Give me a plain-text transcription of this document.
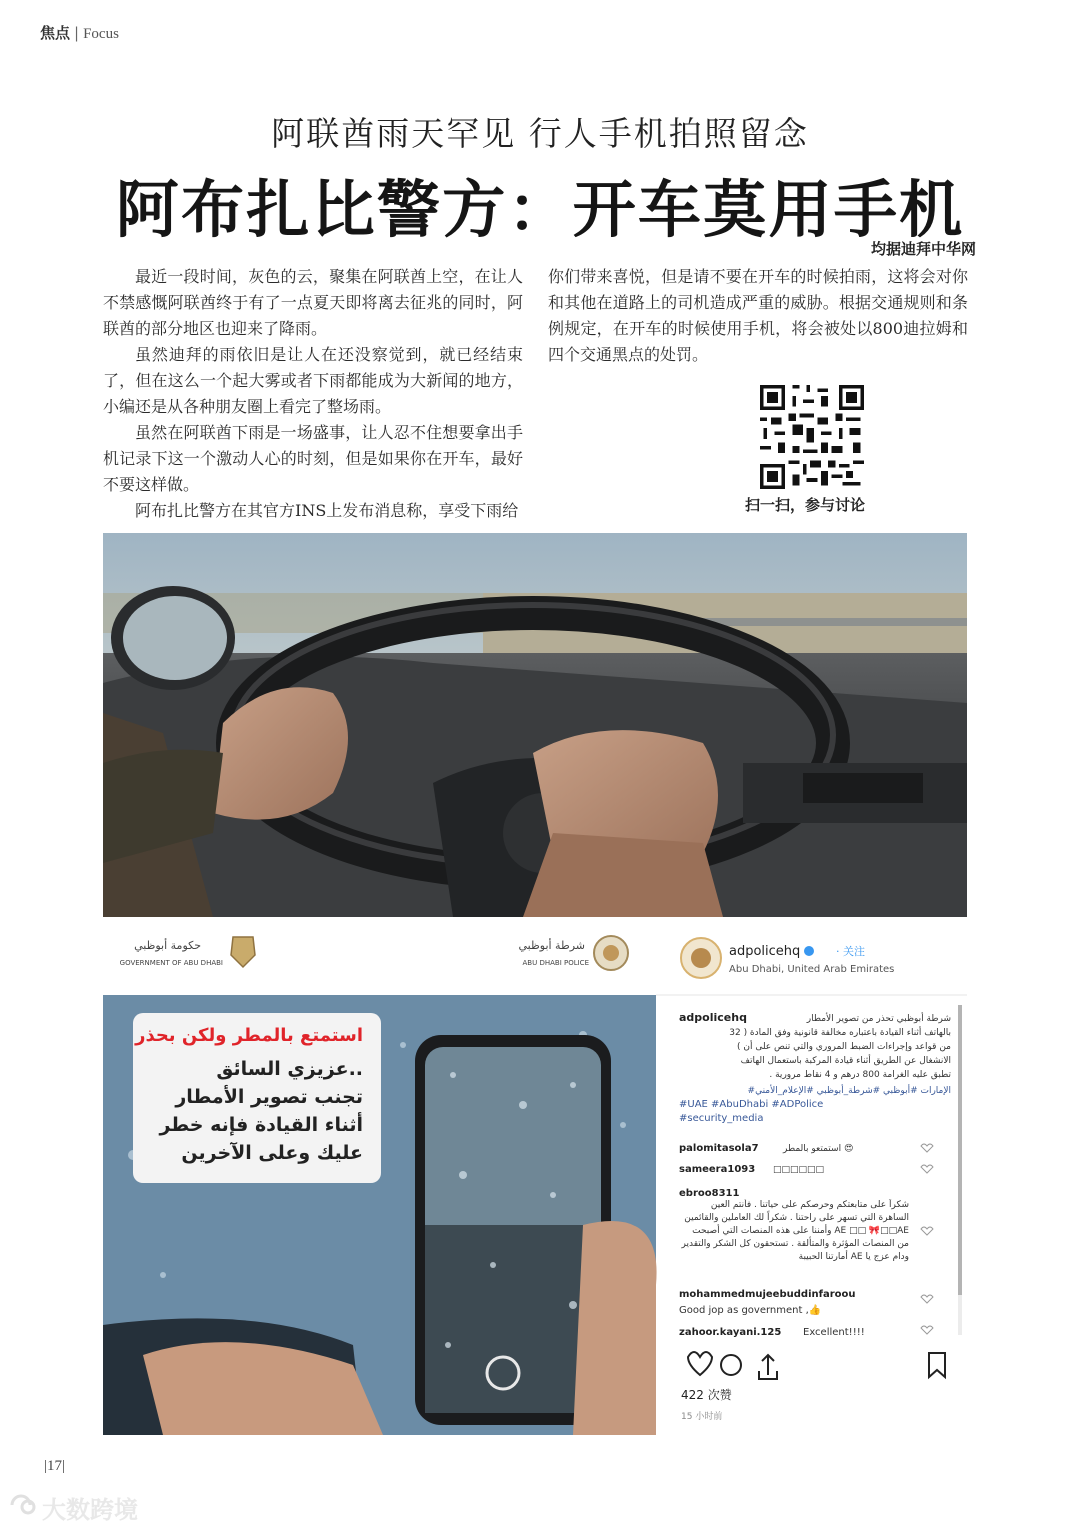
焦点 | Focus
阿联酋雨天罕见 行人手机拍照留念
阿布扎比警方：开车莫用手机
均据迪拜中华网

最近一段时间，灰色的云，聚集在阿联酋上空，在让人不禁感慨阿联酋终于有了一点夏天即将离去征兆的同时，阿联酋的部分地区也迎来了降雨。

虽然迪拜的雨依旧是让人在还没察觉到，就已经结束了，但在这么一个起大雾或者下雨都能成为大新闻的地方，小编还是从各种朋友圈上看完了整场雨。

虽然在阿联酋下雨是一场盛事，让人忍不住想要拿出手机记录下这一个激动人心的时刻，但是如果你在开车，最好不要这样做。

阿布扎比警方在其官方INS上发布消息称，享受下雨给

你们带来喜悦，但是请不要在开车的时候拍雨，这将会对你和其他在道路上的司机造成严重的威胁。根据交通规则和条例规定，在开车的时候使用手机，将会被处以800迪拉姆和四个交通黑点的处罚。

扫一扫，参与讨论
حكومة أبوظبي
GOVERNMENT OF ABU DHABI
شرطة أبوظبي
ABU DHABI POLICE
استمتع بالمطر ولكن بحذر
عزيزي السائق..
تجنب تصوير الأمطار
أثناء القيادة فإنه خطر
عليك وعلى الآخرين
adpolicehq	· 关注
Abu Dhabi, United Arab Emirates
adpolicehq	شرطة أبوظبي تحذر من تصوير الأمطار
بالهاتف أثناء القيادة باعتباره مخالفة قانونية وفق المادة ( 32
( من قواعد وإجراءات الضبط المروري والتي تنص على أن
الانشغال عن الطريق أثناء قيادة المركبة باستعمال الهاتف
. تطبق عليه الغرامة 800 درهم و 4 نقاط مرورية
#الإمارات #أبوظبي #شرطة_أبوظبي #الإعلام_الأمني
#UAE #AbuDhabi #ADPolice
#security_media
palomitasola7	استمتعو بالمطر 😍
sameera1093 □□□□□□
ebroo8311
شكراً على متابعتكم وحرصكم على حياتنا . فأنتم العين الساهرة التي تسهر على راحتنا . شكراً لك العاملين والقائمين AE □□ 🎀□□AE وأمننا على هذه المنصات التي أصبحت من المنصات المؤثرة والمتألقة . تستحقون كل الشكر والتقدير ودام عزج يا AE أمارتنا الحبيبة
mohammedmujeebuddinfaroou
Good jop as government ,👍
zahoor.kayani.125 Excellent!!!!
422 次赞
15 小时前
|17|
大数跨境
